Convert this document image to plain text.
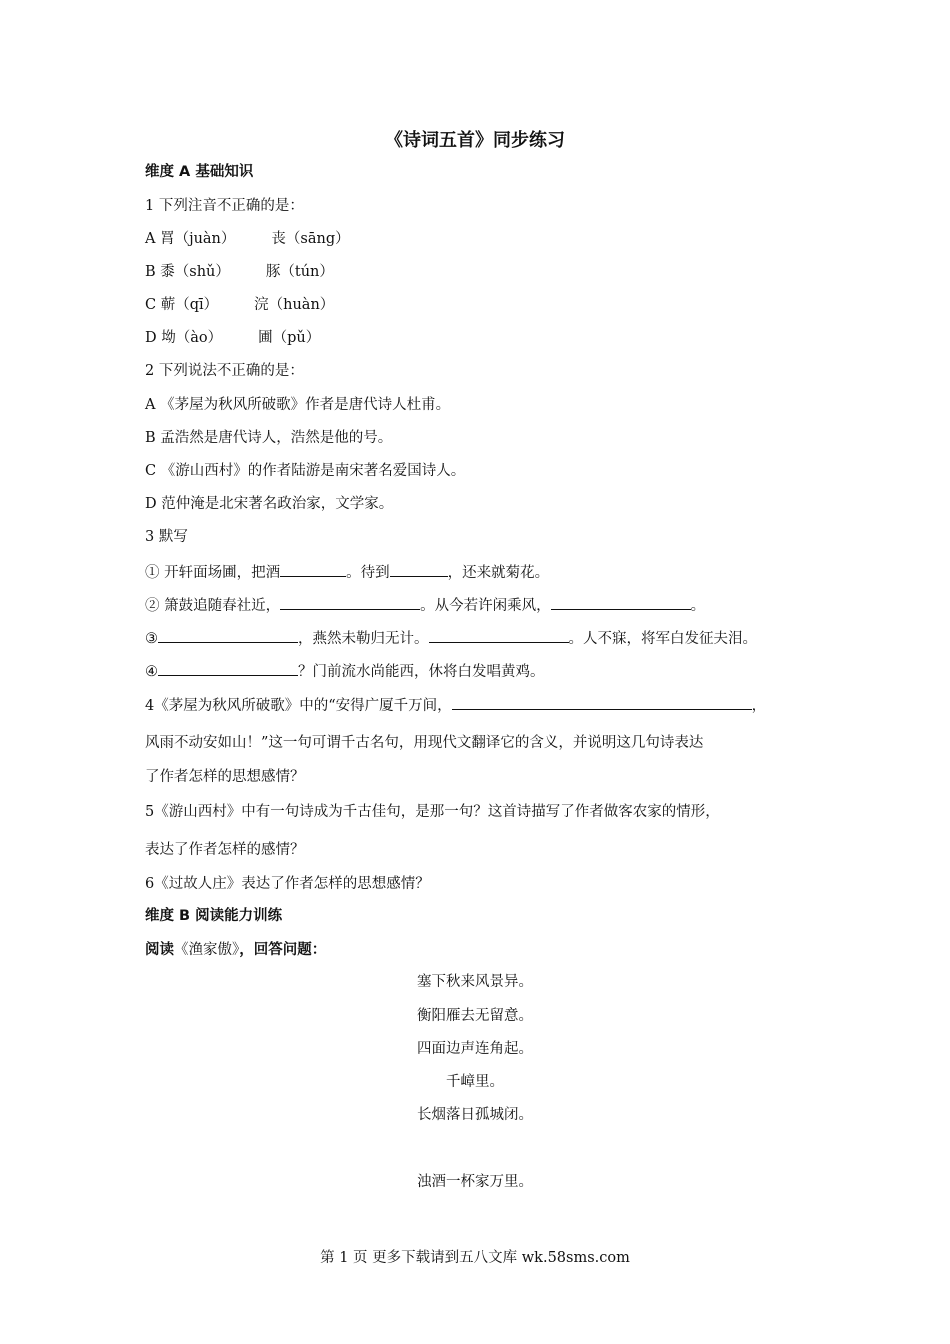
《诗词五首》同步练习
维度 A 基础知识
1 下列注音不正确的是：
A 罥（juàn） 丧（sāng）
B 黍（shǔ） 豚（tún）
C 蕲（qī） 浣（huàn）
D 坳（ào） 圃（pǔ）
2 下列说法不正确的是：
A 《茅屋为秋风所破歌》作者是唐代诗人杜甫。
B 孟浩然是唐代诗人，浩然是他的号。
C 《游山西村》的作者陆游是南宋著名爱国诗人。
D 范仲淹是北宋著名政治家，文学家。
3 默写
① 开轩面场圃，把酒	。待到	，还来就菊花。
② 箫鼓追随春社近，	。从今若许闲乘风，	。
③	，燕然未勒归无计。	。人不寐，将军白发征夫泪。
④	？门前流水尚能西，休将白发唱黄鸡。
4《茅屋为秋风所破歌》中的“安得广厦千万间，	，
风雨不动安如山！”这一句可谓千古名句，用现代文翻译它的含义，并说明这几句诗表达
了作者怎样的思想感情？
5《游山西村》中有一句诗成为千古佳句，是那一句？这首诗描写了作者做客农家的情形，
表达了作者怎样的感情？
6《过故人庄》表达了作者怎样的思想感情？
维度 B 阅读能力训练
阅读《渔家傲》，回答问题：
塞下秋来风景异。
衡阳雁去无留意。
四面边声连角起。
千嶂里。
长烟落日孤城闭。
浊酒一杯家万里。
第 1 页 更多下载请到五八文库 wk.58sms.com
